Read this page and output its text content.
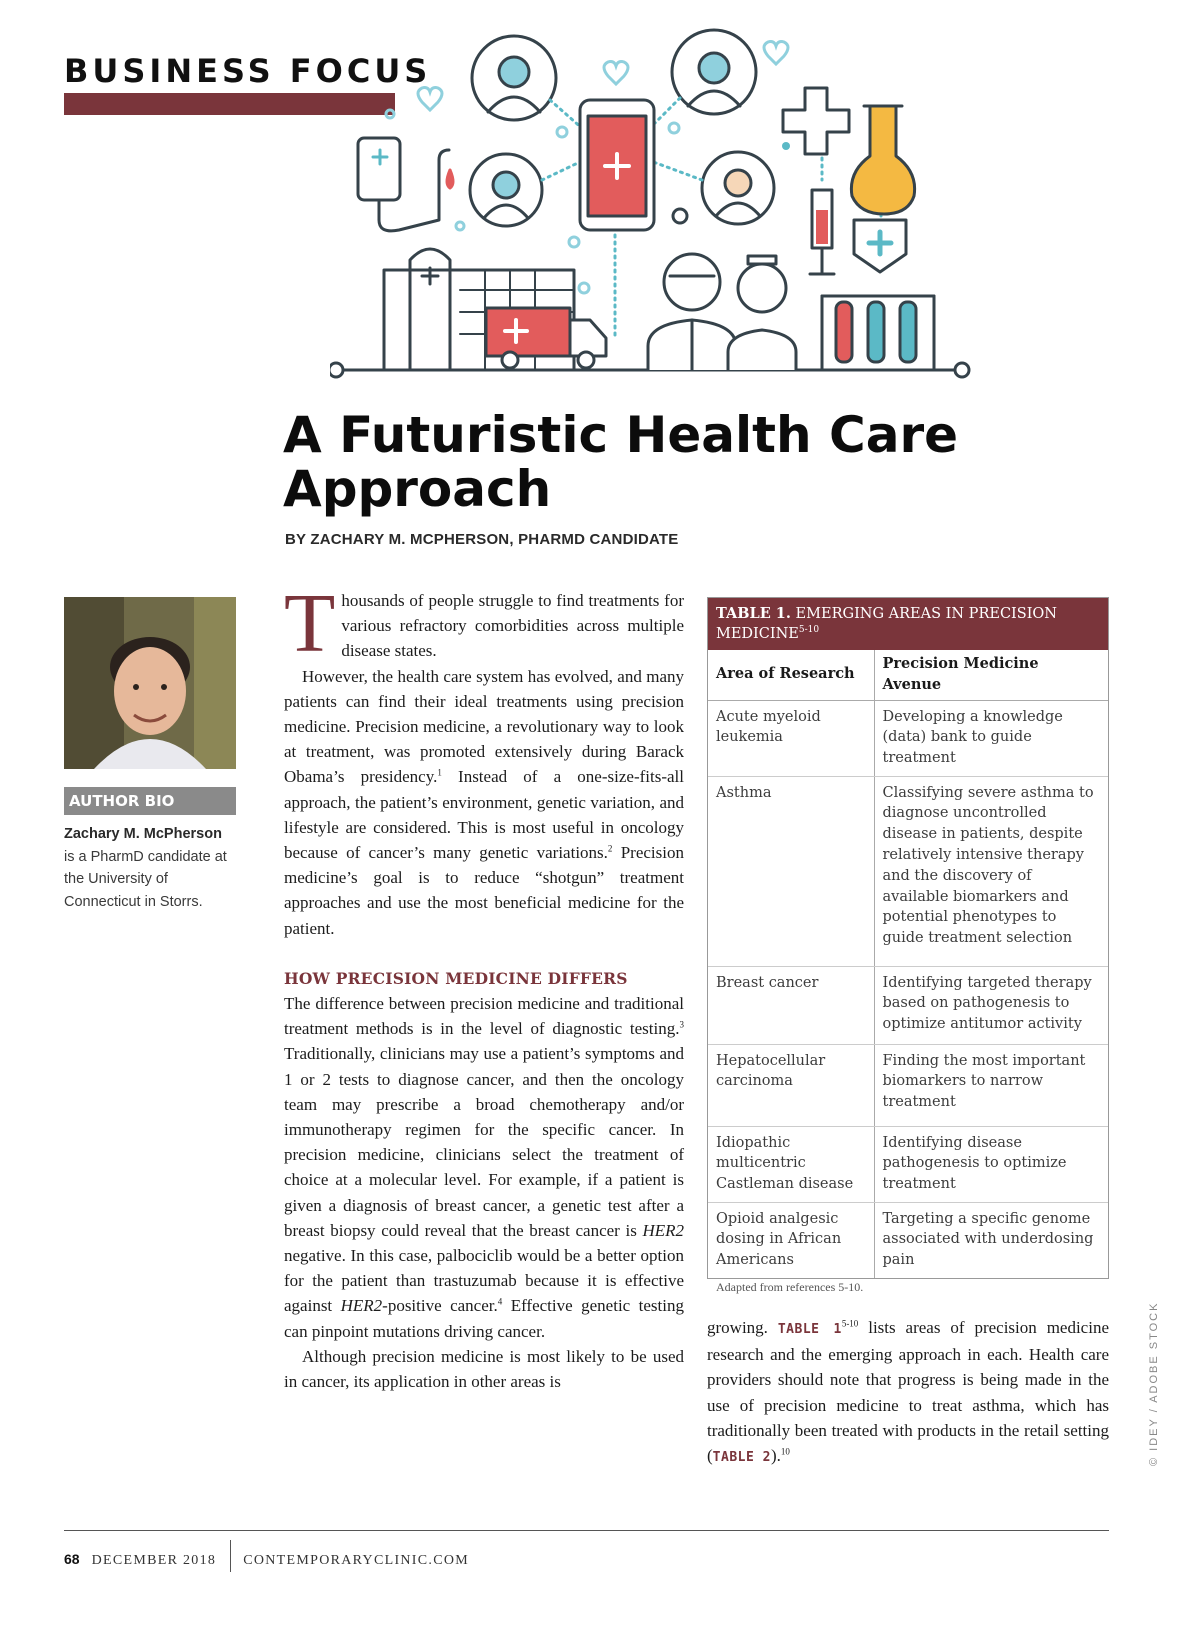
BUSINESS FOCUS
A Futuristic Health Care Approach
BY ZACHARY M. MCPHERSON, PHARMD CANDIDATE
AUTHOR BIO
Zachary M. McPherson
is a PharmD candidate at the University of Connecticut in Storrs.

Thousands of people struggle to find treatments for various refractory comorbidities across multiple disease states.

However, the health care system has evolved, and many patients can find their ideal treatments using precision medicine. Precision medicine, a revolutionary way to look at treatment, was promoted extensively during Barack Obama’s presidency.$^1$ Instead of a one-size-fits-all approach, the patient’s environment, genetic variation, and lifestyle are considered. This is most useful in oncology because of cancer’s many genetic variations.$^2$ Precision medicine’s goal is to reduce “shotgun” treatment approaches and use the most beneficial medicine for the patient.

HOW PRECISION MEDICINE DIFFERS

The difference between precision medicine and traditional treatment methods is in the level of diagnostic testing.$^3$ Traditionally, clinicians may use a patient’s symptoms and 1 or 2 tests to diagnose cancer, and then the oncology team may prescribe a broad chemotherapy and/or immunotherapy regimen for the specific cancer. In precision medicine, clinicians select the treatment of choice at a molecular level. For example, if a patient is given a diagnosis of breast cancer, a genetic test after a breast biopsy could reveal that the breast cancer is HER2 negative. In this case, palbociclib would be a better option for the patient than trastuzumab because it is effective against HER2-positive cancer.$^4$ Effective genetic testing can pinpoint mutations driving cancer.

Although precision medicine is most likely to be used in cancer, its application in other areas is

TABLE 1. EMERGING AREAS IN PRECISION MEDICINE$^{5-10}$
Area of Research	Precision Medicine Avenue
Acute myeloid leukemia	Developing a knowledge (data) bank to guide treatment
Asthma	Classifying severe asthma to diagnose uncontrolled disease in patients, despite relatively intensive therapy and the discovery of available biomarkers and potential phenotypes to guide treatment selection
Breast cancer	Identifying targeted therapy based on pathogenesis to optimize antitumor activity
Hepatocellular carcinoma	Finding the most important biomarkers to narrow treatment
Idiopathic multicentric Castleman disease	Identifying disease pathogenesis to optimize treatment
Opioid analgesic dosing in African Americans	Targeting a specific genome associated with underdosing pain
Adapted from references 5-10.

growing. TABLE 1$^{5-10}$ lists areas of precision medicine research and the emerging approach in each. Health care providers should note that progress is being made in the use of precision medicine to treat asthma, which has traditionally been treated with products in the retail setting (TABLE 2).$^{10}$	© IDEY / ADOBE STOCK
68 DECEMBER 2018 CONTEMPORARYCLINIC.COM
